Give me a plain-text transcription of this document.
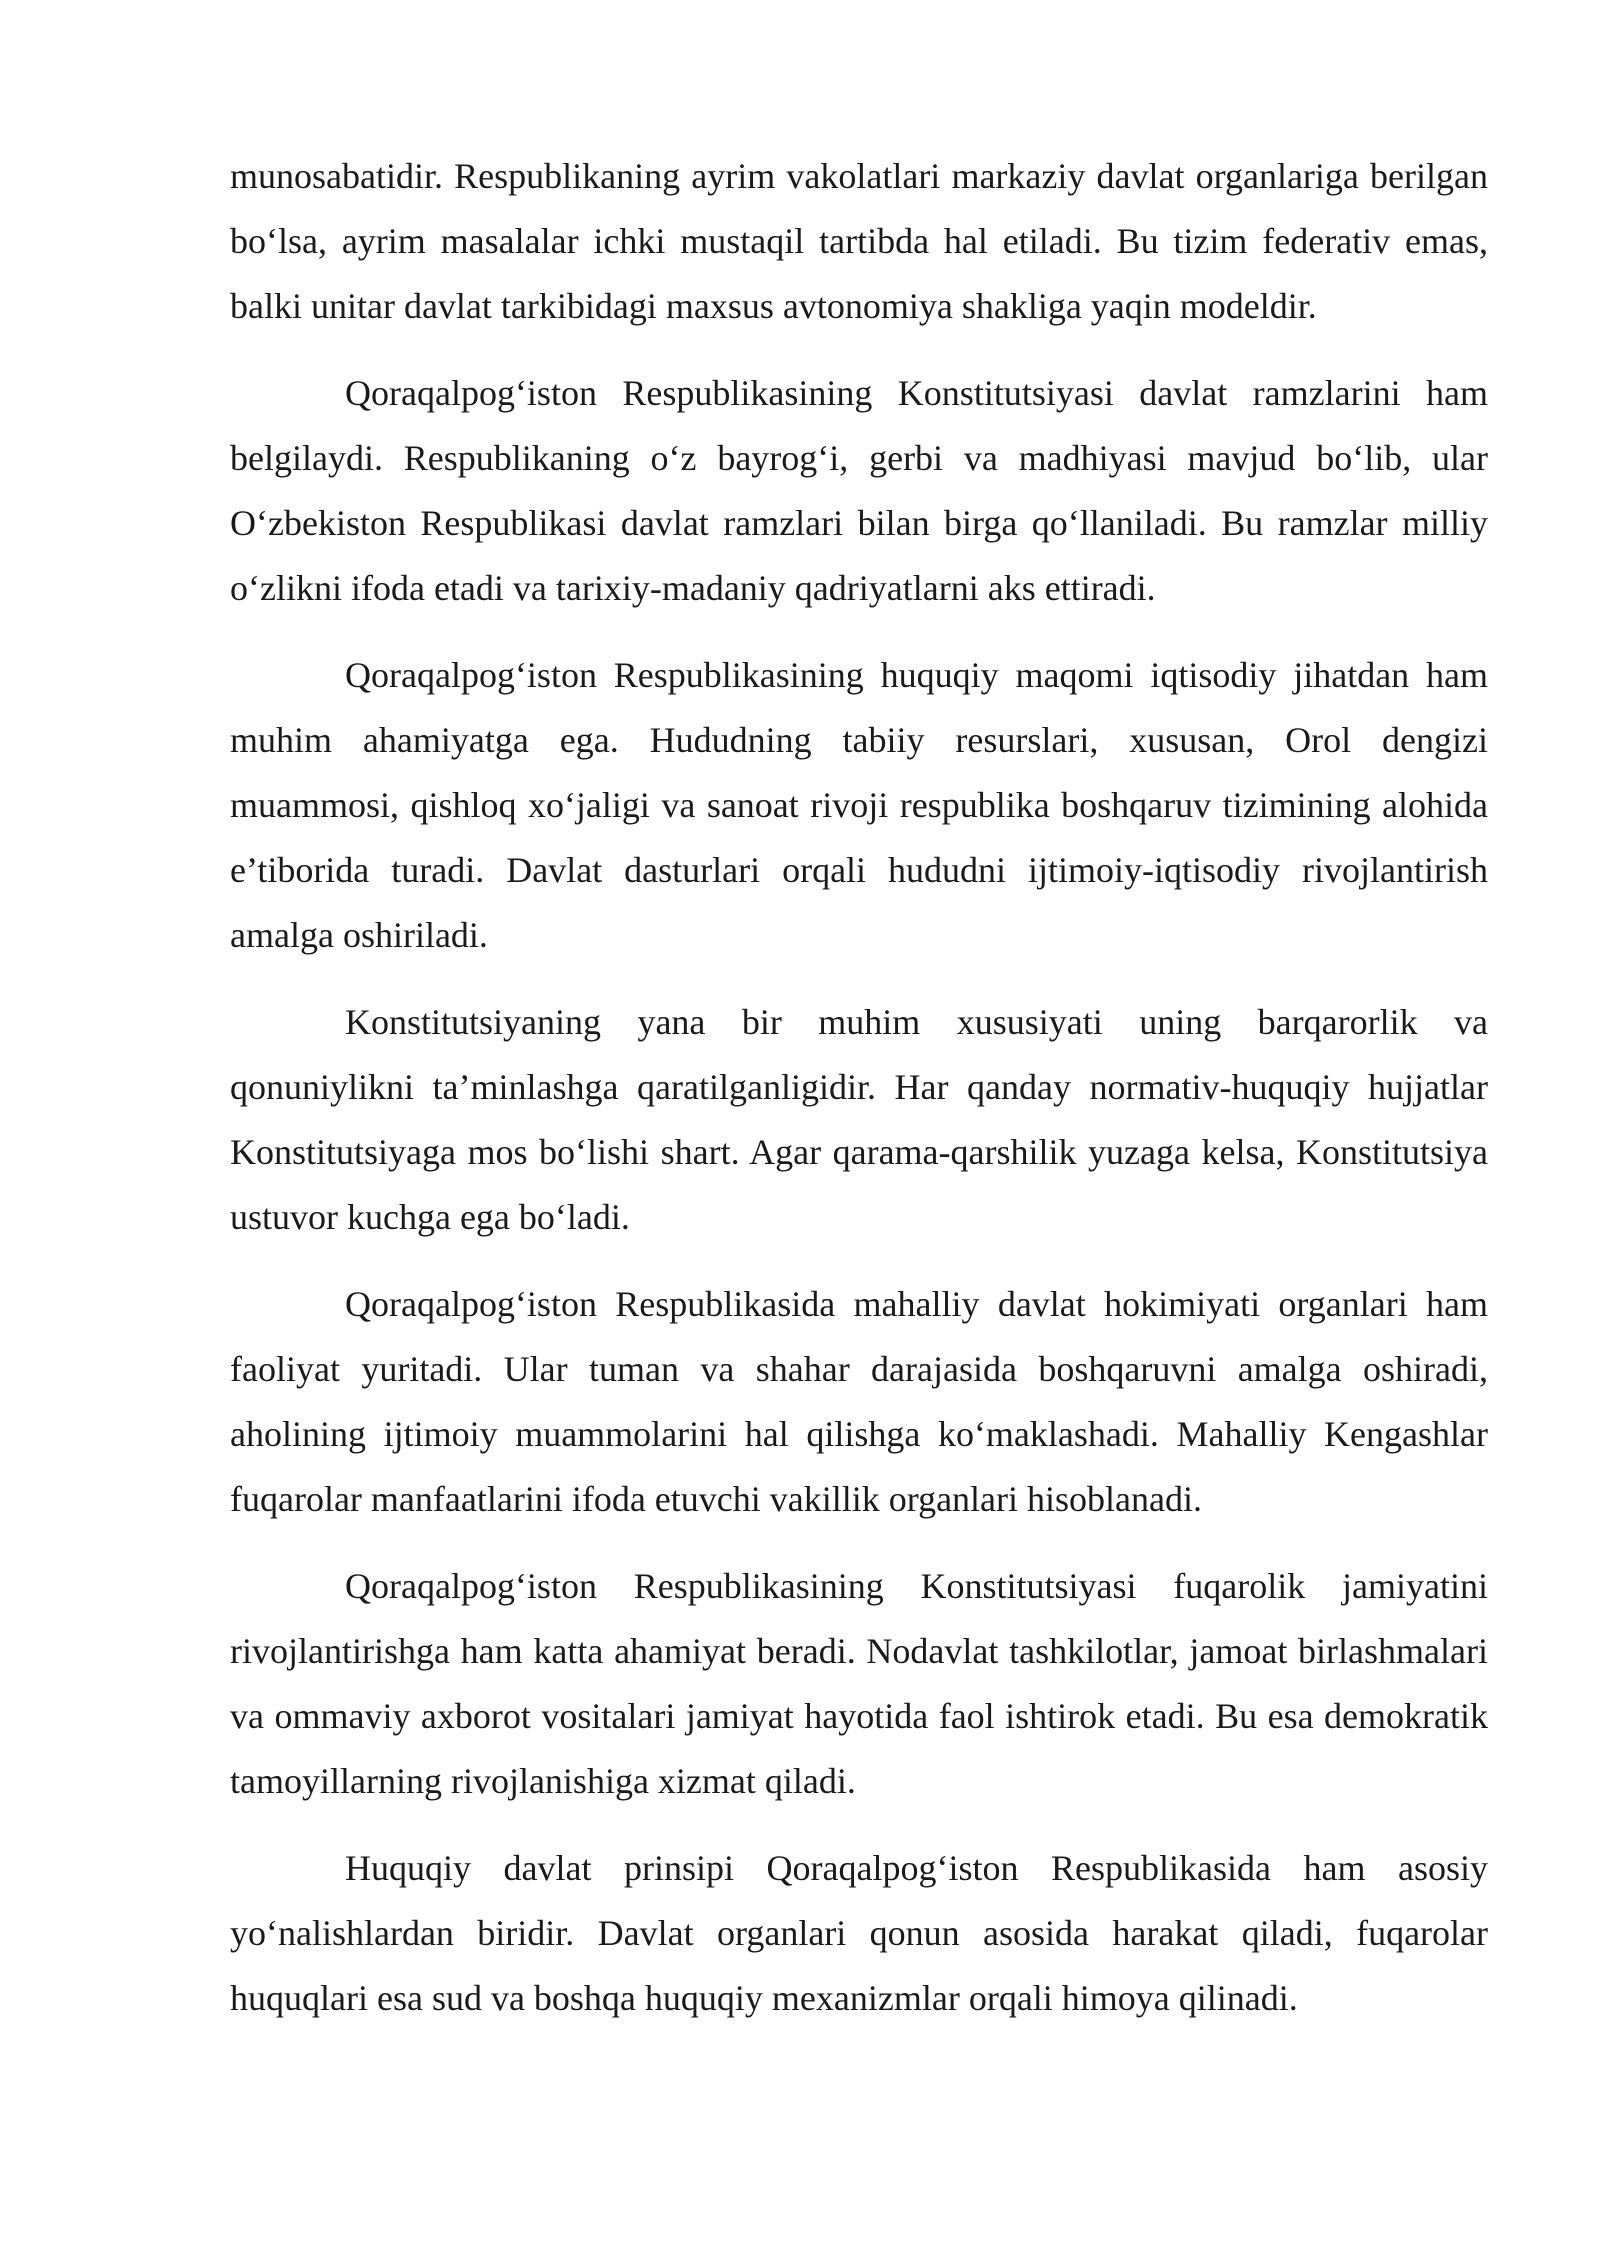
munosabatidir. Respublikaning ayrim vakolatlari markaziy davlat organlariga berilgan bo‘lsa, ayrim masalalar ichki mustaqil tartibda hal etiladi. Bu tizim federativ emas, balki unitar davlat tarkibidagi maxsus avtonomiya shakliga yaqin modeldir.

Qoraqalpog‘iston Respublikasining Konstitutsiyasi davlat ramzlarini ham belgilaydi. Respublikaning o‘z bayrog‘i, gerbi va madhiyasi mavjud bo‘lib, ular O‘zbekiston Respublikasi davlat ramzlari bilan birga qo‘llaniladi. Bu ramzlar milliy o‘zlikni ifoda etadi va tarixiy-madaniy qadriyatlarni aks ettiradi.

Qoraqalpog‘iston Respublikasining huquqiy maqomi iqtisodiy jihatdan ham muhim ahamiyatga ega. Hududning tabiiy resurslari, xususan, Orol dengizi muammosi, qishloq xo‘jaligi va sanoat rivoji respublika boshqaruv tizimining alohida e’tiborida turadi. Davlat dasturlari orqali hududni ijtimoiy-iqtisodiy rivojlantirish amalga oshiriladi.

Konstitutsiyaning yana bir muhim xususiyati uning barqarorlik va qonuniylikni ta’minlashga qaratilganligidir. Har qanday normativ-huquqiy hujjatlar Konstitutsiyaga mos bo‘lishi shart. Agar qarama-qarshilik yuzaga kelsa, Konstitutsiya ustuvor kuchga ega bo‘ladi.

Qoraqalpog‘iston Respublikasida mahalliy davlat hokimiyati organlari ham faoliyat yuritadi. Ular tuman va shahar darajasida boshqaruvni amalga oshiradi, aholining ijtimoiy muammolarini hal qilishga ko‘maklashadi. Mahalliy Kengashlar fuqarolar manfaatlarini ifoda etuvchi vakillik organlari hisoblanadi.

Qoraqalpog‘iston Respublikasining Konstitutsiyasi fuqarolik jamiyatini rivojlantirishga ham katta ahamiyat beradi. Nodavlat tashkilotlar, jamoat birlashmalari va ommaviy axborot vositalari jamiyat hayotida faol ishtirok etadi. Bu esa demokratik tamoyillarning rivojlanishiga xizmat qiladi.

Huquqiy davlat prinsipi Qoraqalpog‘iston Respublikasida ham asosiy yo‘nalishlardan biridir. Davlat organlari qonun asosida harakat qiladi, fuqarolar huquqlari esa sud va boshqa huquqiy mexanizmlar orqali himoya qilinadi.
